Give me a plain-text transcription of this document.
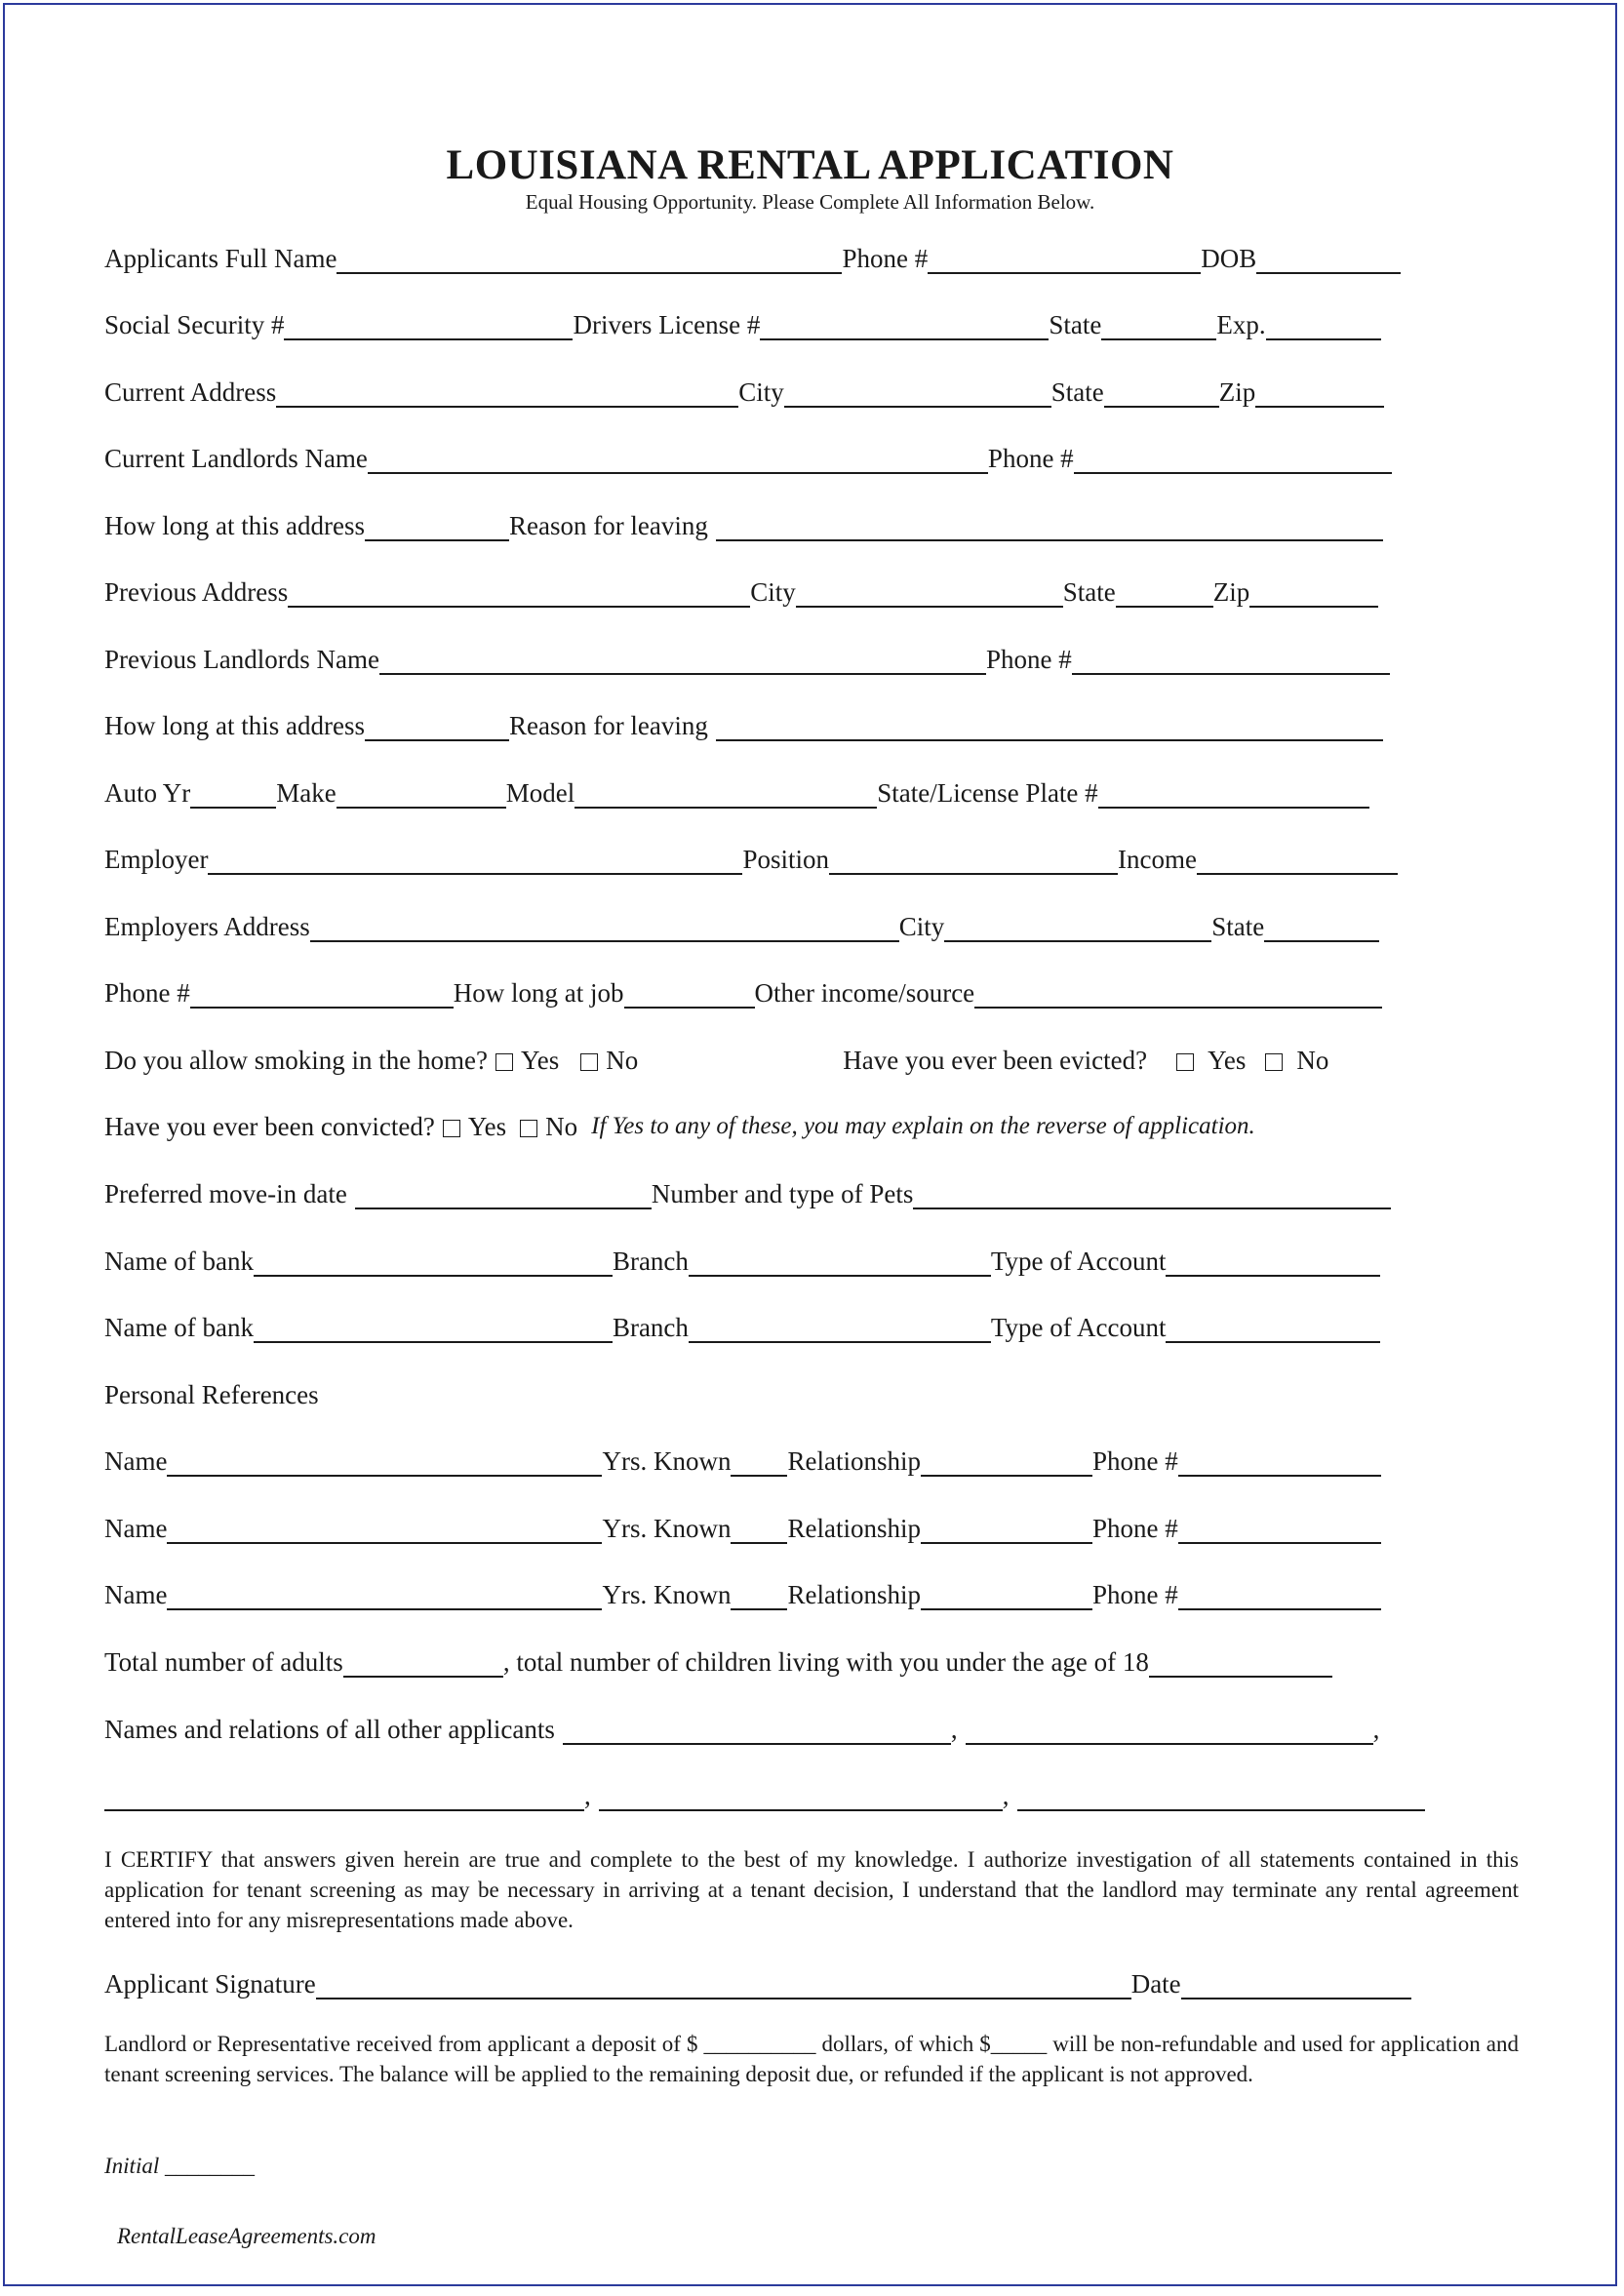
LOUISIANA RENTAL APPLICATION
Equal Housing Opportunity. Please Complete All Information Below.
Applicants Full Name	Phone #	DOB
Social Security #	Drivers License #	State	Exp.
Current Address	City	State	Zip
Current Landlords Name	Phone #
How long at this address	Reason for leaving
Previous Address	City	State	Zip
Previous Landlords Name	Phone #
How long at this address	Reason for leaving
Auto Yr	Make	Model	State/License Plate #
Employer	Position	Income
Employers Address	City	State
Phone #	How long at job	Other income/source
Do you allow smoking in the home? Yes No	Have you ever been evicted? Yes No
Have you ever been convicted? Yes No If Yes to any of these, you may explain on the reverse of application.
Preferred move-in date	Number and type of Pets
Name of bank	Branch	Type of Account
Name of bank	Branch	Type of Account
Personal References
Name	Yrs. Known Relationship	Phone #
Name	Yrs. Known Relationship	Phone #
Name	Yrs. Known Relationship	Phone #
Total number of adults	, total number of children living with you under the age of 18
Names and relations of all other applicants	,	,
,	,
I CERTIFY that answers given herein are true and complete to the best of my knowledge. I authorize investigation of all statements contained in this application for tenant screening as may be necessary in arriving at a tenant decision, I understand that the landlord may terminate any rental agreement entered into for any misrepresentations made above.
Applicant Signature	Date
Landlord or Representative received from applicant a deposit of $ __________ dollars, of which $_____ will be non-refundable and used for application and tenant screening services. The balance will be applied to the remaining deposit due, or refunded if the applicant is not approved.
Initial ________
RentalLeaseAgreements.com
